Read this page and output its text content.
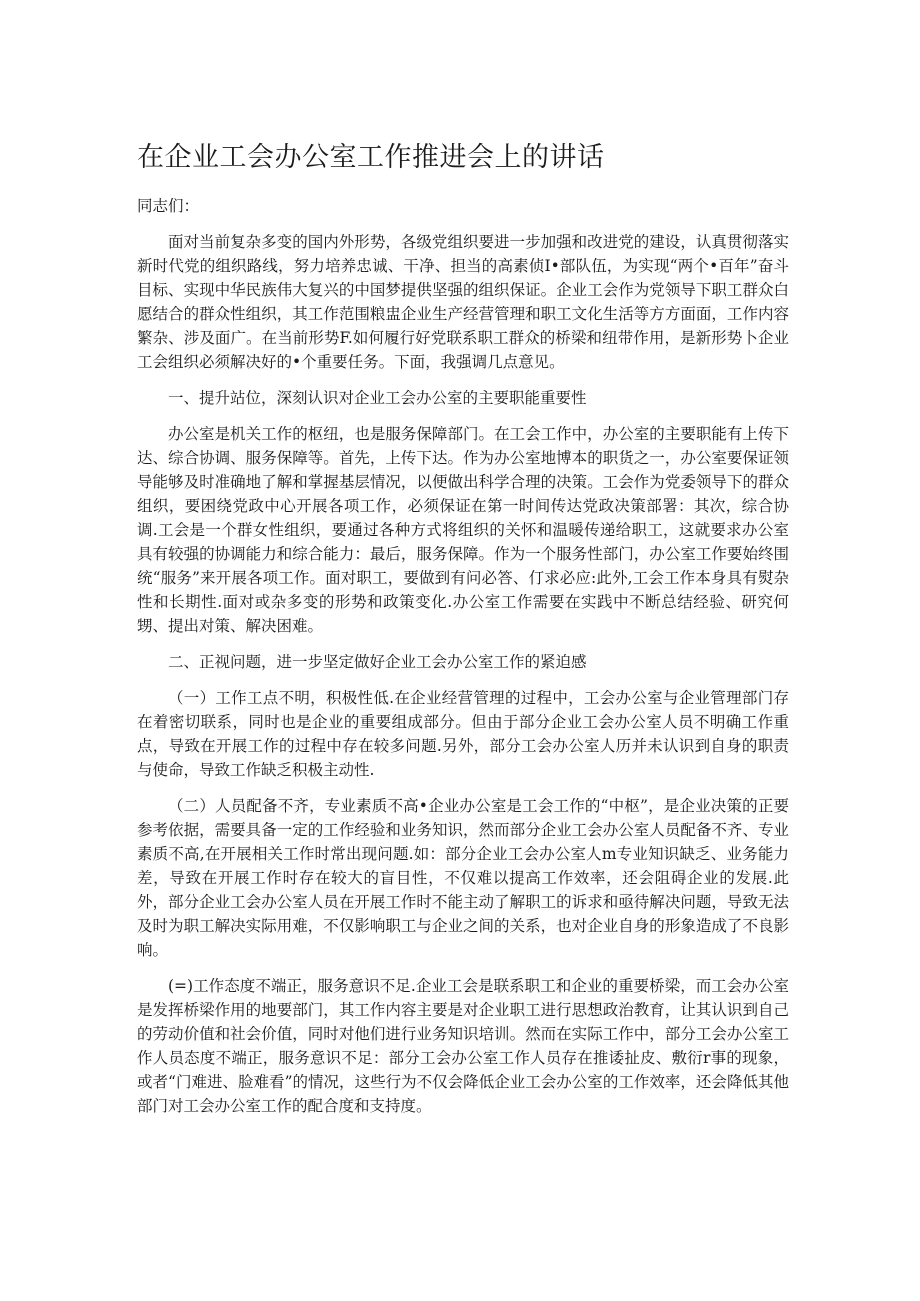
在企业工会办公室工作推进会上的讲话

同志们：

面对当前复杂多变的国内外形势，各级党组织要进一步加强和改进党的建设，认真贯彻落实新时代党的组织路线，努力培养忠诚、干净、担当的高素侦I•部队伍，为实现“两个•百年”奋斗目标、实现中华民族伟大复兴的中国梦提供坚强的组织保证。企业工会作为党领导下职工群众白愿结合的群众性组织，其工作范围粮盅企业生产经营管理和职工文化生活等方方面面，工作内容繁杂、涉及面广。在当前形势F.如何履行好党联系职工群众的桥梁和纽带作用，是新形势卜企业工会组织必须解决好的•个重要任务。下面，我强调几点意见。

一、提升站位，深刻认识对企业工会办公室的主要职能重要性

办公室是机关工作的枢纽，也是服务保障部门。在工会工作中，办公室的主要职能有上传下达、综合协调、服务保障等。首先，上传下达。作为办公室地博本的职货之一，办公室要保证领导能够及时准确地了解和掌握基层情况，以便做出科学合理的决策。工会作为党委领导下的群众组织，要困绕党政中心开展各项工作，必须保证在第一时间传达党政决策部署：其次，综合协调.工会是一个群女性组织，要通过各种方式将组织的关怀和温暖传递给职工，这就要求办公室具有较强的协调能力和综合能力：最后，服务保障。作为一个服务性部门，办公室工作要始终围统“服务”来开展各项工作。面对职工，要做到有问必答、仃求必应:此外,工会工作本身具有熨杂性和长期性.面对或杂多变的形势和政策变化.办公室工作需要在实践中不断总结经验、研究何甥、提出对策、解决困难。

二、正视问题，进一步坚定做好企业工会办公室工作的紧迫感

（一）工作工点不明，积极性低.在企业经营管理的过程中，工会办公室与企业管理部门存在着密切联系，同时也是企业的重要组成部分。但由于部分企业工会办公室人员不明确工作重点，导致在开展工作的过程中存在较多问题.另外，部分工会办公室人历并未认识到自身的职责与使命，导致工作缺乏积极主动性.

（二）人员配备不齐，专业素质不高•企业办公室是工会工作的“中枢”，是企业决策的正要参考依据，需要具备一定的工作经验和业务知识，然而部分企业工会办公室人员配备不齐、专业素质不高,在开展相关工作时常出现问题.如：部分企业工会办公室人m专业知识缺乏、业务能力差，导致在开展工作时存在较大的盲目性，不仅难以提高工作效率，还会阻碍企业的发展.此外，部分企业工会办公室人员在开展工作时不能主动了解职工的诉求和亟待解决问题，导致无法及时为职工解决实际用难，不仅影响职工与企业之间的关系，也对企业自身的形象造成了不良影响。

(=)工作态度不端正，服务意识不足.企业工会是联系职工和企业的重要桥梁，而工会办公室是发挥桥梁作用的地要部门，其工作内容主要是对企业职工进行思想政治教育，让其认识到自己的劳动价值和社会价值，同时对他们进行业务知识培训。然而在实际工作中，部分工会办公室工作人员态度不端正，服务意识不足：部分工会办公室工作人员存在推诿扯皮、敷衍r事的现象，或者“门难进、脸难看”的情况，这些行为不仅会降低企业工会办公室的工作效率，还会降低其他部门对工会办公室工作的配合度和支持度。
